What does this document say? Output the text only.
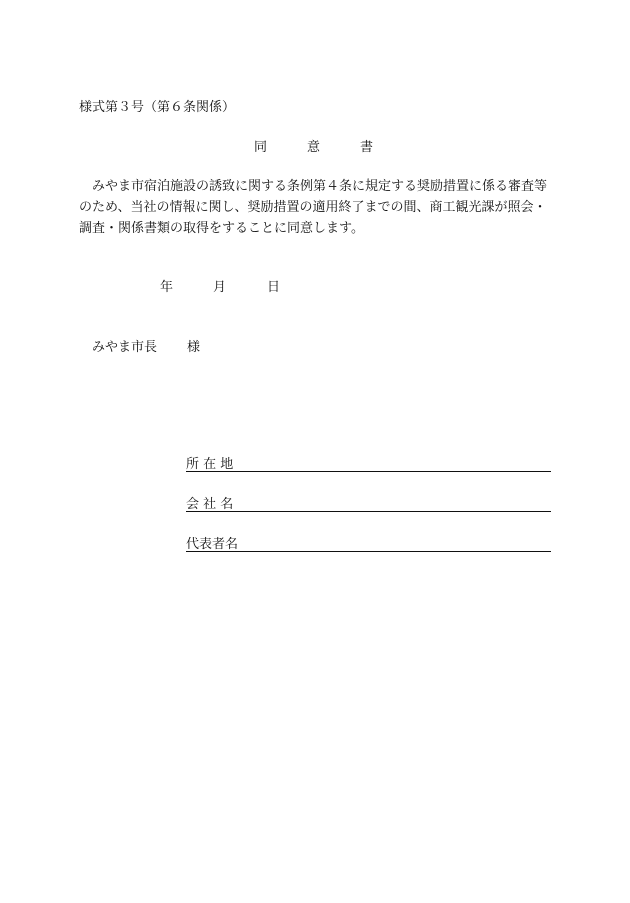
様式第３号（第６条関係）
同	意	書
みやま市宿泊施設の誘致に関する条例第４条に規定する奨励措置に係る審査等のため、当社の情報に関し、奨励措置の適用終了までの間、商工観光課が照会・調査・関係書類の取得をすることに同意します。
年	月	日
みやま市長 様
所 在 地
会 社 名
代表者名
